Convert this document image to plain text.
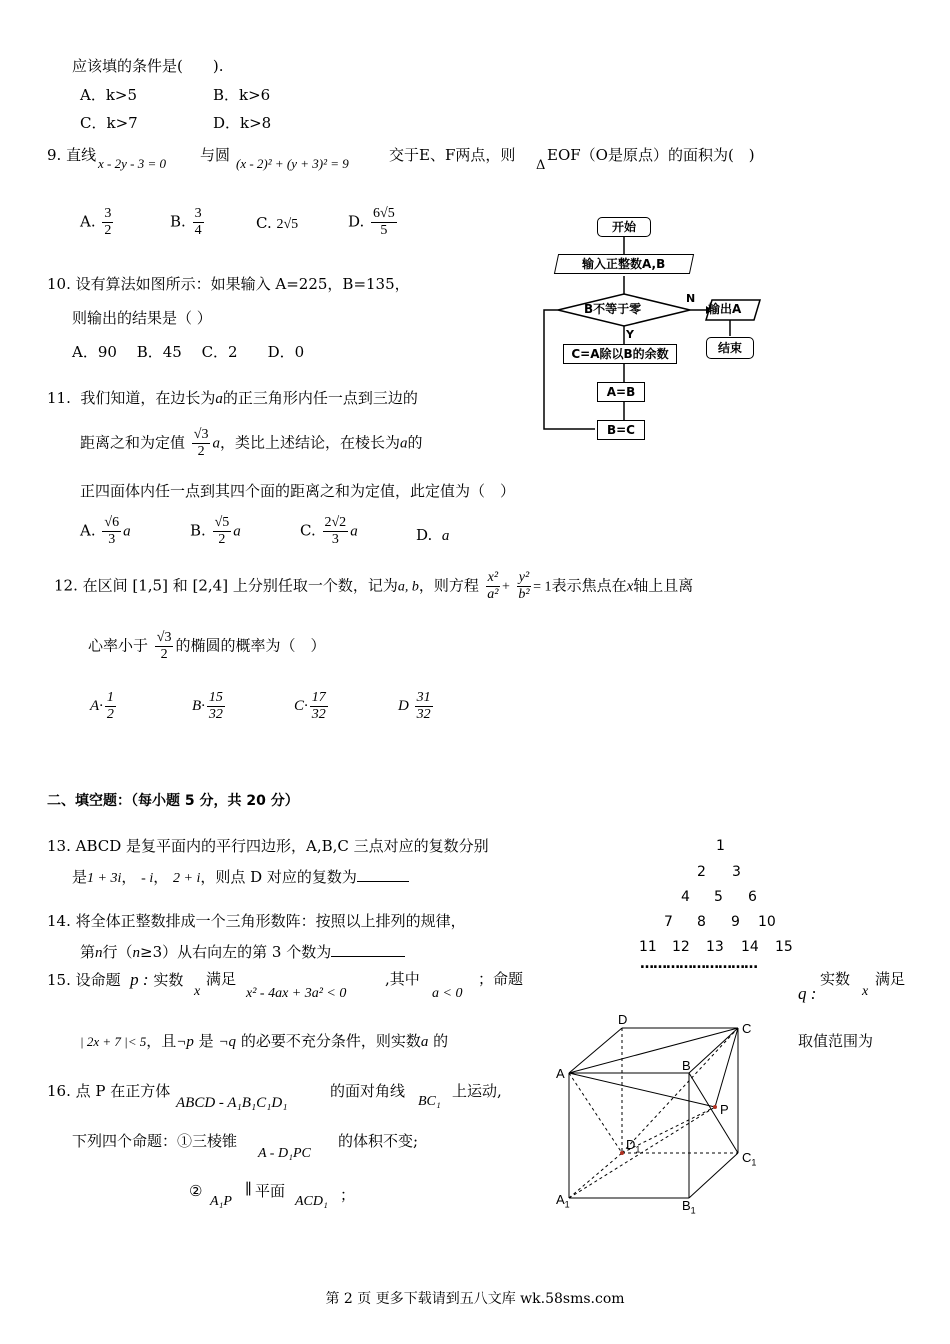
应该填的条件是(　　).
A．k>5	B．k>6
C．k>7	D．k>8
9. 直线 x - 2y - 3 = 0 与圆 (x - 2)² + (y + 3)² = 9	交于E、F两点，则
Δ
EOF（O是原点）的面积为(　)
A. $\frac{3}{2}$	B. $\frac{3}{4}$	C. 2√5	D. $\frac{6√5}{5}$
10. 设有算法如图所示：如果输入 A=225，B=135，
则输出的结果是（ ）
A．90　 B．45　 C．2　　D．0
开始
输入正整数A,B
B不等于零
N
Y
输出A
结束
C=A除以B的余数
A=B
B=C
11. 我们知道，在边长为a的正三角形内任一点到三边的
距离之和为定值 $\frac{√3}{2}$ a，类比上述结论，在棱长为a的
正四面体内任一点到其四个面的距离之和为定值，此定值为（　）
A. $\frac{√6}{3}$ a	B. $\frac{√5}{2}$ a	C. $\frac{2√2}{3}$ a	D. a
12. 在区间 [1,5] 和 [2,4] 上分别任取一个数，记为a, b，则方程 $\frac{\text{x²}}{\text{a²}} + \frac{\text{y²}}{\text{b²}} = 1$表示焦点在x轴上且离
心率小于 $\frac{√3}{2}$ 的椭圆的概率为（　）
$A\cdot \frac{1}{2}$	$B\cdot \frac{15}{32}$	$C\cdot \frac{17}{32}$	D $\frac{31}{32}$
二、填空题：（每小题 5 分，共 20 分）
13. ABCD 是复平面内的平行四边形，A,B,C 三点对应的复数分别
是1 + 3i， - i， 2 + i，则点 D 对应的复数为
14. 将全体正整数排成一个三角形数阵：按照以上排列的规律，
第n行（n≥3）从右向左的第 3 个数为
1
2 3
4 5 6
7 8 9 10
11 12 13 14 15
………………………
15. 设命题 p : 实数
x
满足
x² - 4ax + 3a² < 0
,其中
a < 0
；命题
q :
实数
x
满足
| 2x + 7 |< 5，且¬p 是 ¬q 的必要不充分条件，则实数a 的	取值范围为
16. 点 P 在正方体
ABCD - A₁B₁C₁D₁
的面对角线
BC₁
上运动,
下列四个命题：①三棱锥
A - D₁PC
的体积不变;
②
A₁P
∥ 平面
ACD₁ ；
D
C
A
B
P
$D_1$
$C_1$
$A_1$	$B_1$
第 2 页 更多下载请到五八文库 wk.58sms.com
